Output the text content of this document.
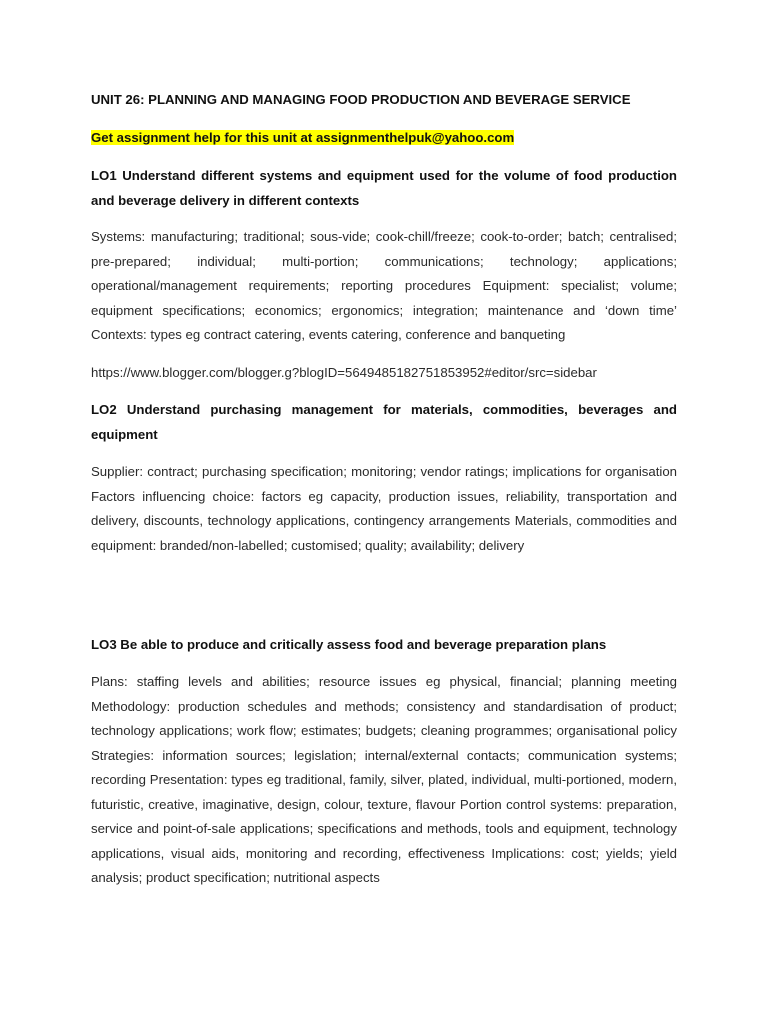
UNIT 26: PLANNING AND MANAGING FOOD PRODUCTION AND BEVERAGE SERVICE

Get assignment help for this unit at assignmenthelpuk@yahoo.com

LO1 Understand different systems and equipment used for the volume of food production and beverage delivery in different contexts

Systems: manufacturing; traditional; sous-vide; cook-chill/freeze; cook-to-order; batch; centralised; pre-prepared; individual; multi-portion; communications; technology; applications; operational/management requirements; reporting procedures Equipment: specialist; volume; equipment specifications; economics; ergonomics; integration; maintenance and ‘down time’ Contexts: types eg contract catering, events catering, conference and banqueting

https://www.blogger.com/blogger.g?blogID=5649485182751853952#editor/src=sidebar

LO2 Understand purchasing management for materials, commodities, beverages and equipment

Supplier: contract; purchasing specification; monitoring; vendor ratings; implications for organisation Factors influencing choice: factors eg capacity, production issues, reliability, transportation and delivery, discounts, technology applications, contingency arrangements Materials, commodities and equipment: branded/non-labelled; customised; quality; availability; delivery

LO3 Be able to produce and critically assess food and beverage preparation plans

Plans: staffing levels and abilities; resource issues eg physical, financial; planning meeting Methodology: production schedules and methods; consistency and standardisation of product; technology applications; work flow; estimates; budgets; cleaning programmes; organisational policy Strategies: information sources; legislation; internal/external contacts; communication systems; recording Presentation: types eg traditional, family, silver, plated, individual, multi-portioned, modern, futuristic, creative, imaginative, design, colour, texture, flavour Portion control systems: preparation, service and point-of-sale applications; specifications and methods, tools and equipment, technology applications, visual aids, monitoring and recording, effectiveness Implications: cost; yields; yield analysis; product specification; nutritional aspects
